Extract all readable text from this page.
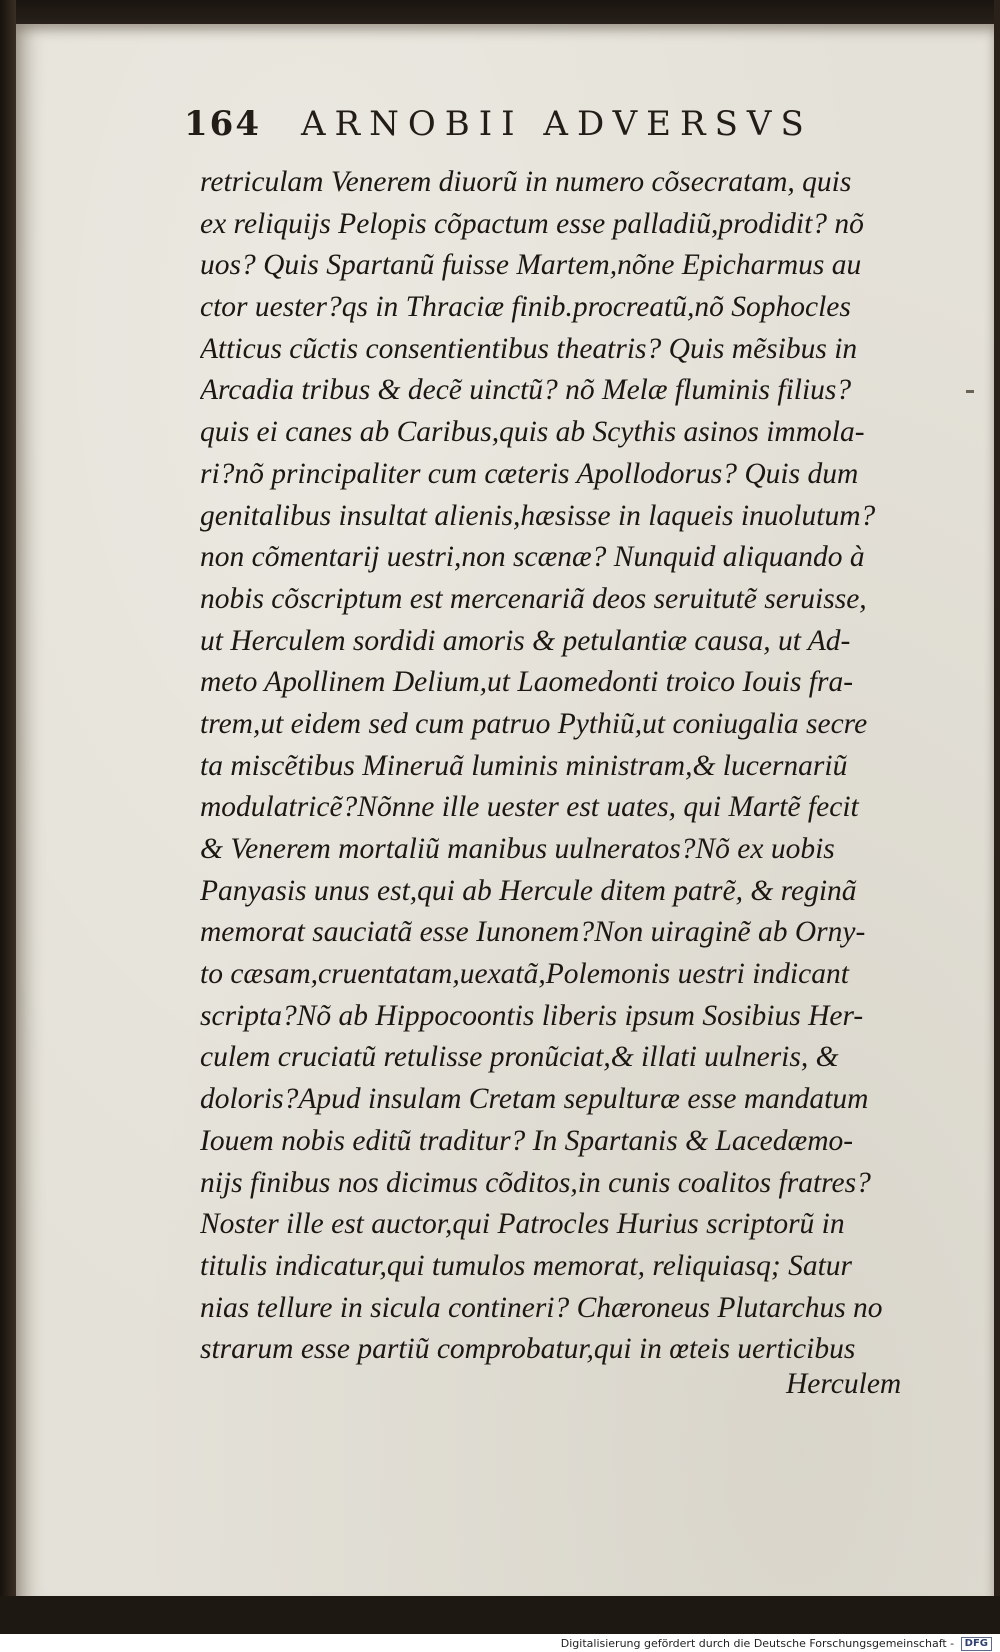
164 ARNOBII ADVERSVS
retriculam Venerem diuorũ in numero cõsecratam, quis
ex reliquijs Pelopis cõpactum esse palladiũ,prodidit? nõ
uos? Quis Spartanũ fuisse Martem,nõne Epicharmus au
ctor uester?qs in Thraciæ finib.procreatũ,nõ Sophocles
Atticus cũctis consentientibus theatris? Quis mẽsibus in
Arcadia tribus & decẽ uinctũ? nõ Melæ fluminis filius?
quis ei canes ab Caribus,quis ab Scythis asinos immola-
ri?nõ principaliter cum cæteris Apollodorus? Quis dum
genitalibus insultat alienis,hæsisse in laqueis inuolutum?
non cõmentarij uestri,non scænæ? Nunquid aliquando à
nobis cõscriptum est mercenariã deos seruitutẽ seruisse,
ut Herculem sordidi amoris & petulantiæ causa, ut Ad-
meto Apollinem Delium,ut Laomedonti troico Iouis fra-
trem,ut eidem sed cum patruo Pythiũ,ut coniugalia secre
ta miscẽtibus Mineruã luminis ministram,& lucernariũ
modulatricẽ?Nõnne ille uester est uates, qui Martẽ fecit
& Venerem mortaliũ manibus uulneratos?Nõ ex uobis
Panyasis unus est,qui ab Hercule ditem patrẽ, & reginã
memorat sauciatã esse Iunonem?Non uiraginẽ ab Orny-
to cæsam,cruentatam,uexatã,Polemonis uestri indicant
scripta?Nõ ab Hippocoontis liberis ipsum Sosibius Her-
culem cruciatũ retulisse pronũciat,& illati uulneris, &
doloris?Apud insulam Cretam sepulturæ esse mandatum
Iouem nobis editũ traditur? In Spartanis & Lacedæmo-
nijs finibus nos dicimus cõditos,in cunis coalitos fratres?
Noster ille est auctor,qui Patrocles Hurius scriptorũ in
titulis indicatur,qui tumulos memorat, reliquiasq; Satur
nias tellure in sicula contineri? Chæroneus Plutarchus no
strarum esse partiũ comprobatur,qui in œteis uerticibus
Herculem
Digitalisierung gefördert durch die Deutsche Forschungsgemeinschaft - DFG
